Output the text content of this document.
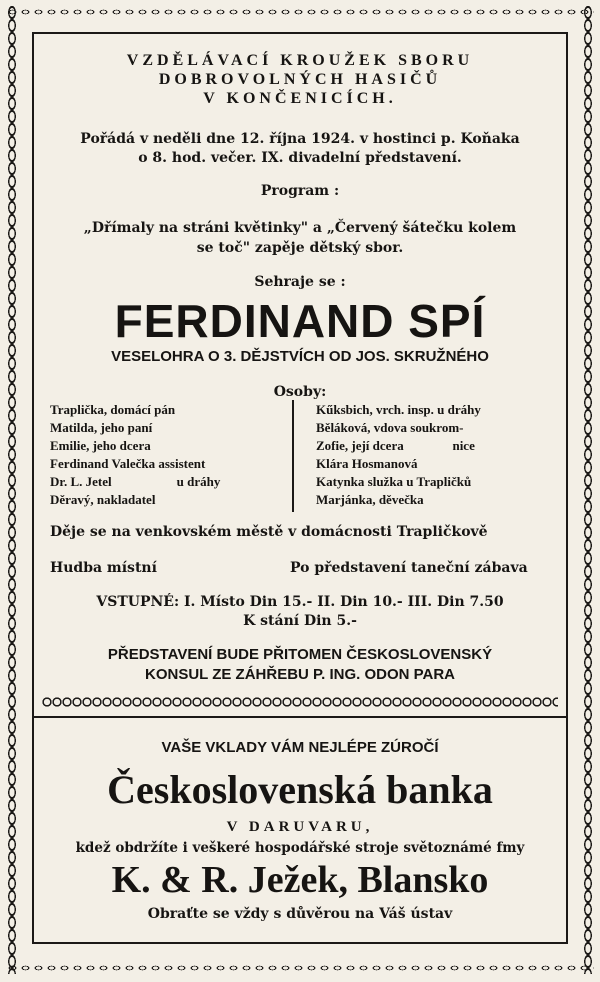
VZDĚLÁVACÍ KROUŽEK SBORU
DOBROVOLNÝCH HASIČŮ
V KONČENICÍCH.
Pořádá v neděli dne 12. října 1924. v hostinci p. Koňaka
o 8. hod. večer. IX. divadelní představení.
Program :
„Dřímaly na stráni květinky" a „Červený šátečku kolem
se toč" zapěje dětský sbor.
Sehraje se :
FERDINAND SPÍ
VESELOHRA O 3. DĚJSTVÍCH OD JOS. SKRUŽNÉHO
Osoby:
Traplička, domácí pán
Matilda, jeho paní
Emilie, jeho dcera
Ferdinand Valečka assistent
Dr. L. Jetel                    u dráhy
Děravý, nakladatel
Kűksbich, vrch. insp. u dráhy
Běláková, vdova soukrom-
Zofie, její dcera               nice
Klára Hosmanová
Katynka služka u Trapličků
Marjánka, děvečka
Děje se na venkovském městě v domácnosti Trapličkově
Hudba místní	Po představení taneční zábava
VSTUPNÉ: I. Místo Din 15.- II. Din 10.- III. Din 7.50
K stání Din 5.-
PŘEDSTAVENÍ BUDE PŘITOMEN ČESKOSLOVENSKÝ
KONSUL ZE ZÁHŘEBU P. ING. ODON PARA
VAŠE VKLADY VÁM NEJLÉPE ZÚROČÍ
Československá banka
V DARUVARU,
kdež obdržíte i veškeré hospodářské stroje světoznámé fmy
K. & R. Ježek, Blansko
Obraťte se vždy s důvěrou na Váš ústav
